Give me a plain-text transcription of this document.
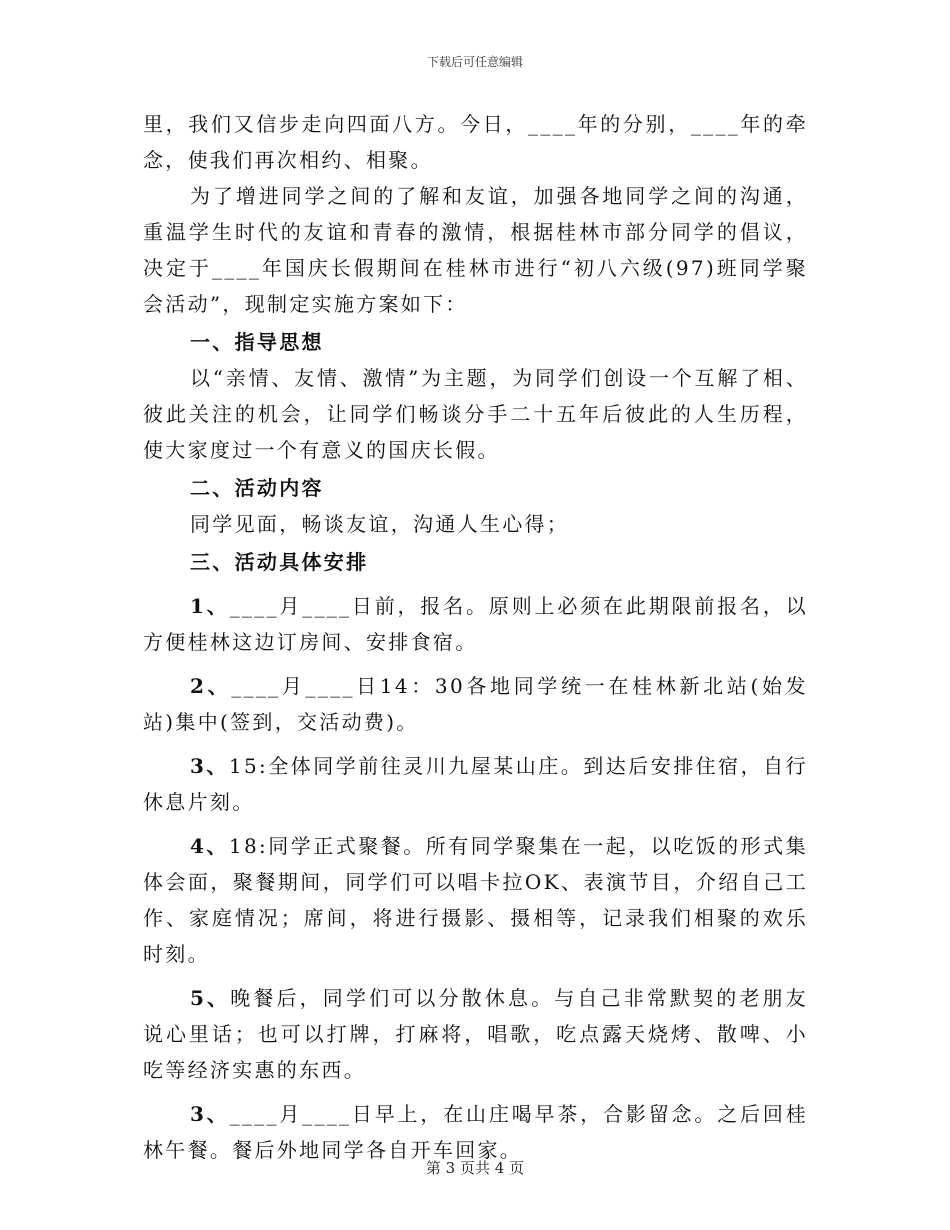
下载后可任意编辑

里，我们又信步走向四面八方。今日，____年的分别，____年的牵念，使我们再次相约、相聚。

为了增进同学之间的了解和友谊，加强各地同学之间的沟通，重温学生时代的友谊和青春的激情，根据桂林市部分同学的倡议，决定于____年国庆长假期间在桂林市进行“初八六级(97)班同学聚会活动”，现制定实施方案如下：

一、指导思想

以“亲情、友情、激情”为主题，为同学们创设一个互解了相、彼此关注的机会，让同学们畅谈分手二十五年后彼此的人生历程，使大家度过一个有意义的国庆长假。

二、活动内容

同学见面，畅谈友谊，沟通人生心得；

三、活动具体安排

1、____月____日前，报名。原则上必须在此期限前报名，以方便桂林这边订房间、安排食宿。

2、____月____日14：30各地同学统一在桂林新北站(始发站)集中(签到，交活动费)。

3、15:全体同学前往灵川九屋某山庄。到达后安排住宿，自行休息片刻。

4、18:同学正式聚餐。所有同学聚集在一起，以吃饭的形式集体会面，聚餐期间，同学们可以唱卡拉OK、表演节目，介绍自己工作、家庭情况；席间，将进行摄影、摄相等，记录我们相聚的欢乐时刻。

5、晚餐后，同学们可以分散休息。与自己非常默契的老朋友说心里话；也可以打牌，打麻将，唱歌，吃点露天烧烤、散啤、小吃等经济实惠的东西。

3、____月____日早上，在山庄喝早茶，合影留念。之后回桂林午餐。餐后外地同学各自开车回家。

第 3 页共 4 页
